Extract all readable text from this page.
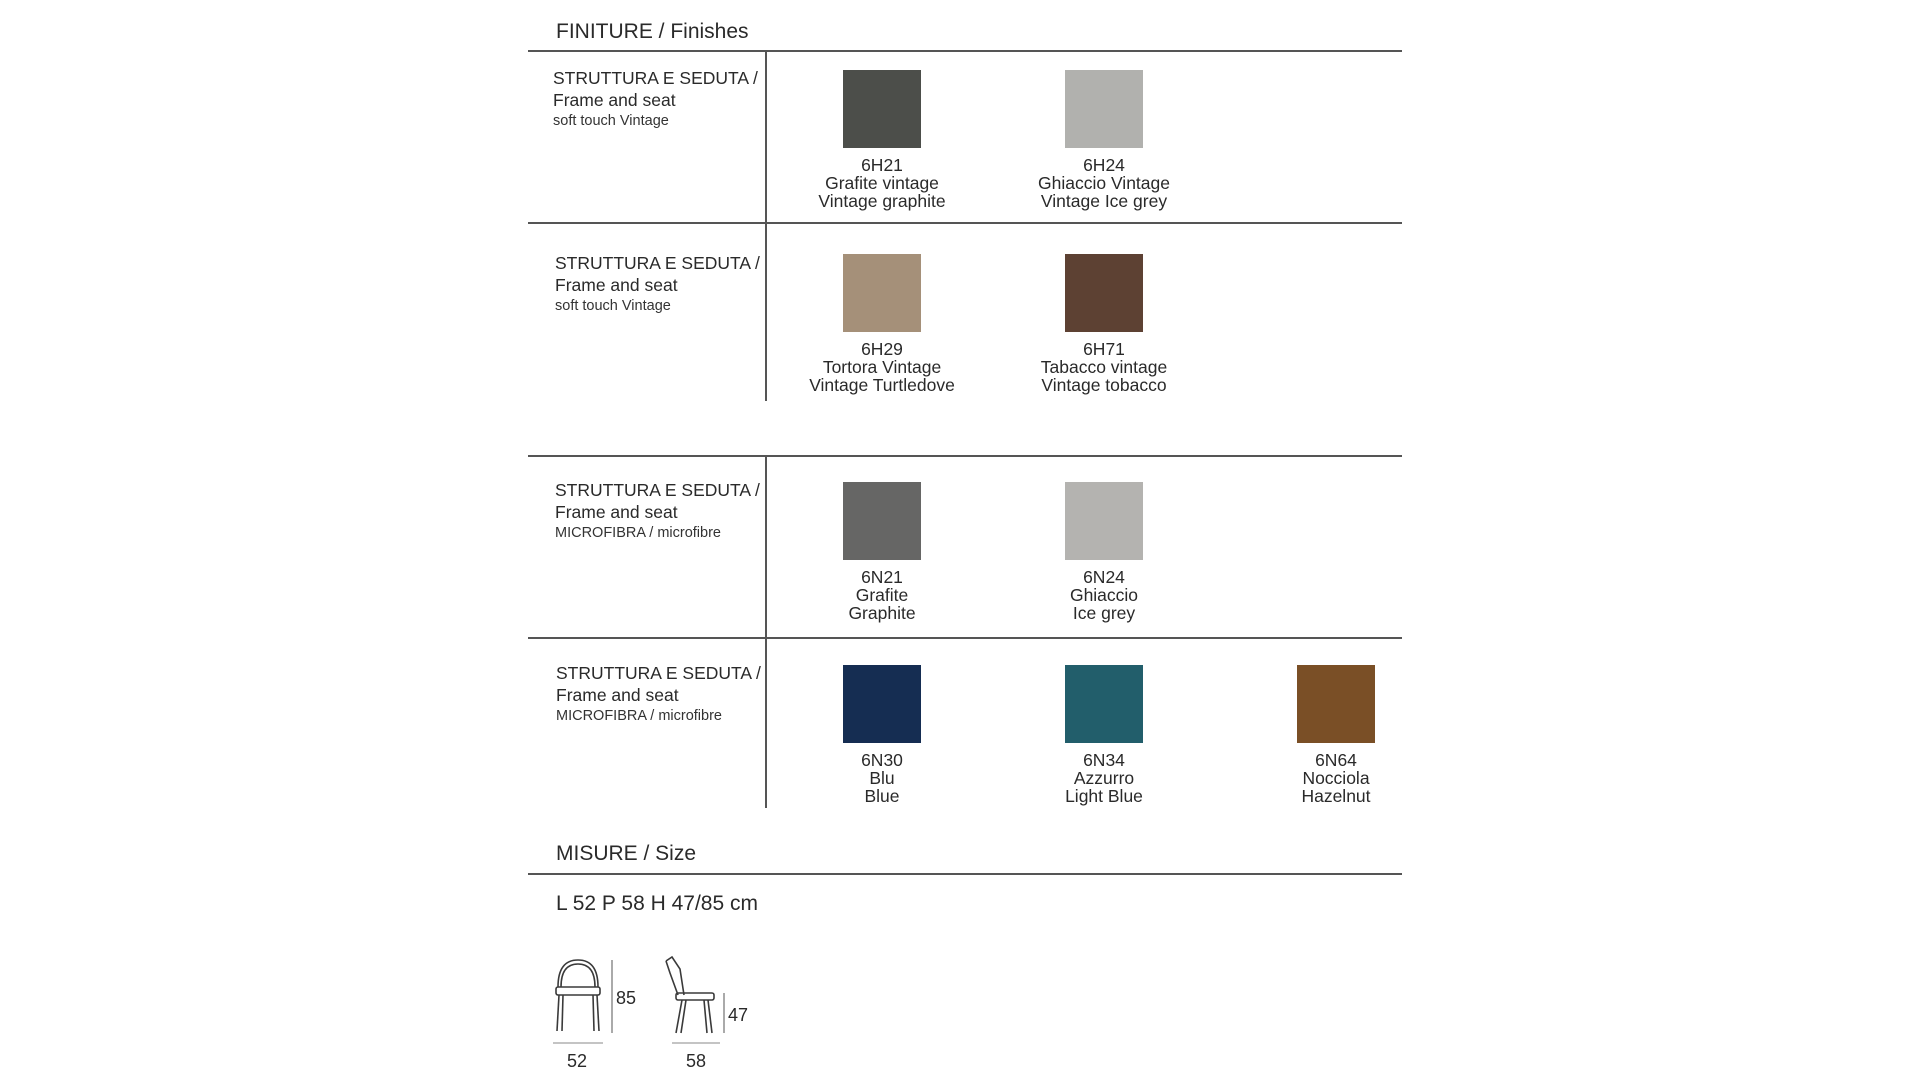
FINITURE / Finishes
STRUTTURA E SEDUTA /
Frame and seat
soft touch Vintage
6H21
Grafite vintage
Vintage graphite
6H24
Ghiaccio Vintage
Vintage Ice grey
STRUTTURA E SEDUTA /
Frame and seat
soft touch Vintage
6H29
Tortora Vintage
Vintage Turtledove
6H71
Tabacco vintage
Vintage tobacco
STRUTTURA E SEDUTA /
Frame and seat
MICROFIBRA / microfibre
6N21
Grafite
Graphite
6N24
Ghiaccio
Ice grey
STRUTTURA E SEDUTA /
Frame and seat
MICROFIBRA / microfibre
6N30
Blu
Blue
6N34
Azzurro
Light Blue
6N64
Nocciola
Hazelnut
MISURE / Size
L 52 P 58 H 47/85 cm
85
52
47
58
